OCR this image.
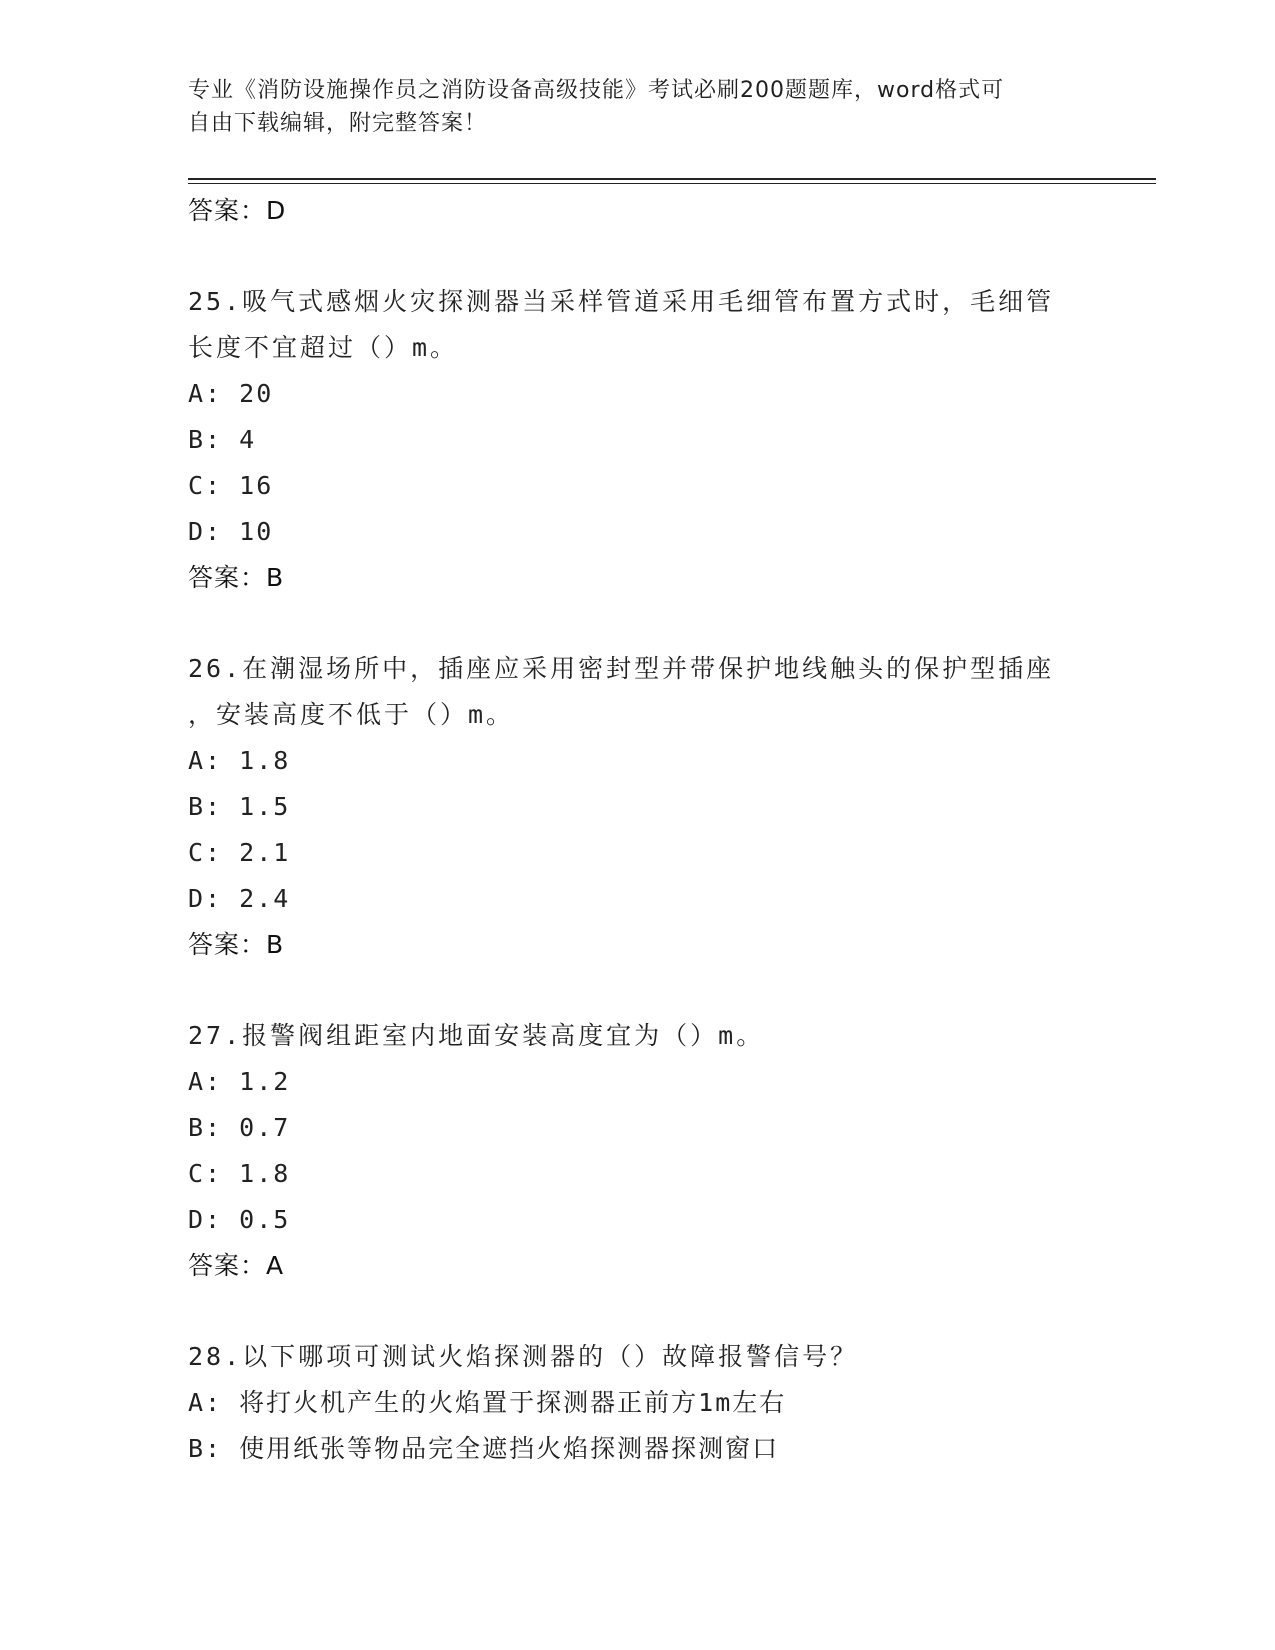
专业《消防设施操作员之消防设备高级技能》考试必刷200题题库，word格式可
自由下载编辑，附完整答案！
答案：D
25.吸气式感烟火灾探测器当采样管道采用毛细管布置方式时，毛细管
长度不宜超过（）m。
A: 20
B: 4
C: 16
D: 10
答案：B
26.在潮湿场所中，插座应采用密封型并带保护地线触头的保护型插座
，安装高度不低于（）m。
A: 1.8
B: 1.5
C: 2.1
D: 2.4
答案：B
27.报警阀组距室内地面安装高度宜为（）m。
A: 1.2
B: 0.7
C: 1.8
D: 0.5
答案：A
28.以下哪项可测试火焰探测器的（）故障报警信号？
A: 将打火机产生的火焰置于探测器正前方1m左右
B: 使用纸张等物品完全遮挡火焰探测器探测窗口
